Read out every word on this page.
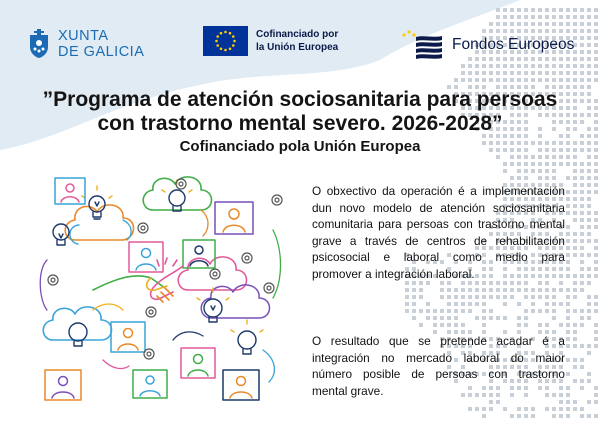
XUNTA
DE GALICIA
Cofinanciado por
la Unión Europea	Fondos Europeos
”Programa de atención sociosanitaria para persoas
con trastorno mental severo. 2026-2028”
Cofinanciado pola Unión Europea

O obxectivo da operación é a implementación dun novo modelo de atención sociosanitaria comunitaria para persoas con trastorno mental grave a través de centros de rehabilitación psicosocial e laboral como medio para promover a integración laboral.

O resultado que se pretende acadar é a integración no mercado laboral do maior número posible de persoas con trastorno mental grave.
